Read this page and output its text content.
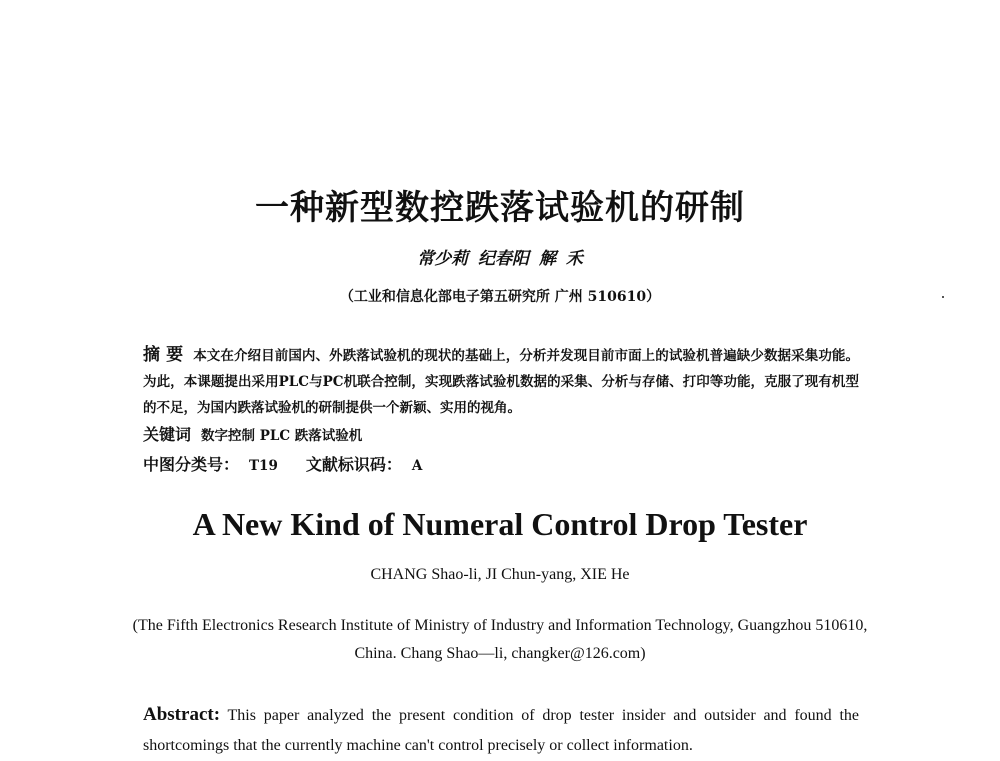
一种新型数控跌落试验机的研制
常少莉 纪春阳 解 禾
（工业和信息化部电子第五研究所 广州 510610）
摘 要 本文在介绍目前国内、外跌落试验机的现状的基础上，分析并发现目前市面上的试验机普遍缺少数据采集功能。为此，本课题提出采用PLC与PC机联合控制，实现跌落试验机数据的采集、分析与存储、打印等功能，克服了现有机型的不足，为国内跌落试验机的研制提供一个新颖、实用的视角。
关键词 数字控制 PLC 跌落试验机
中图分类号： T19 文献标识码： A
A New Kind of Numeral Control Drop Tester
CHANG Shao-li, JI Chun-yang, XIE He
(The Fifth Electronics Research Institute of Ministry of Industry and Information Technology, Guangzhou 510610, China. Chang Shao—li, changker@126.com)
Abstract: This paper analyzed the present condition of drop tester insider and outsider and found the shortcomings that the currently machine can't control precisely or collect information.
